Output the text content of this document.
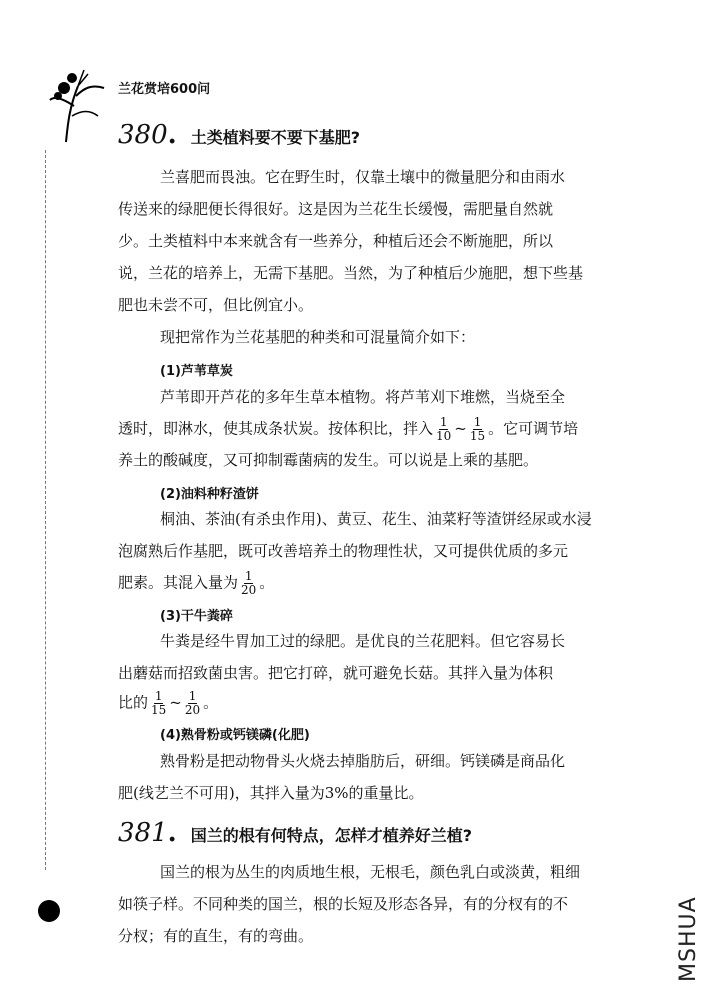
兰花赏培600问
380 . 土类植料要不要下基肥?
兰喜肥而畏浊。它在野生时，仅靠土壤中的微量肥分和由雨水
传送来的绿肥便长得很好。这是因为兰花生长缓慢，需肥量自然就
少。土类植料中本来就含有一些养分，种植后还会不断施肥，所以
说，兰花的培养上，无需下基肥。当然，为了种植后少施肥，想下些基
肥也未尝不可，但比例宜小。
现把常作为兰花基肥的种类和可混量简介如下：
(1)芦苇草炭
芦苇即开芦花的多年生草本植物。将芦苇刈下堆燃，当烧至全
透时，即淋水，使其成条状炭。按体积比，拌入 $\frac{1}{10}$ ~ $\frac{1}{15}$ 。它可调节培
养土的酸碱度，又可抑制霉菌病的发生。可以说是上乘的基肥。
(2)油料种籽渣饼
桐油、茶油(有杀虫作用)、黄豆、花生、油菜籽等渣饼经尿或水浸
泡腐熟后作基肥，既可改善培养土的物理性状，又可提供优质的多元
肥素。其混入量为 $\frac{1}{20}$ 。
(3)干牛粪碎
牛粪是经牛胃加工过的绿肥。是优良的兰花肥料。但它容易长
出蘑菇而招致菌虫害。把它打碎，就可避免长菇。其拌入量为体积
比的 $\frac{1}{15}$ ~ $\frac{1}{20}$ 。
(4)熟骨粉或钙镁磷(化肥)
熟骨粉是把动物骨头火烧去掉脂肪后，研细。钙镁磷是商品化
肥(线艺兰不可用)，其拌入量为3%的重量比。
381 . 国兰的根有何特点，怎样才植养好兰植?
国兰的根为丛生的肉质地生根，无根毛，颜色乳白或淡黄，粗细
如筷子样。不同种类的国兰，根的长短及形态各异，有的分杈有的不
分杈；有的直生，有的弯曲。	MSHUA
